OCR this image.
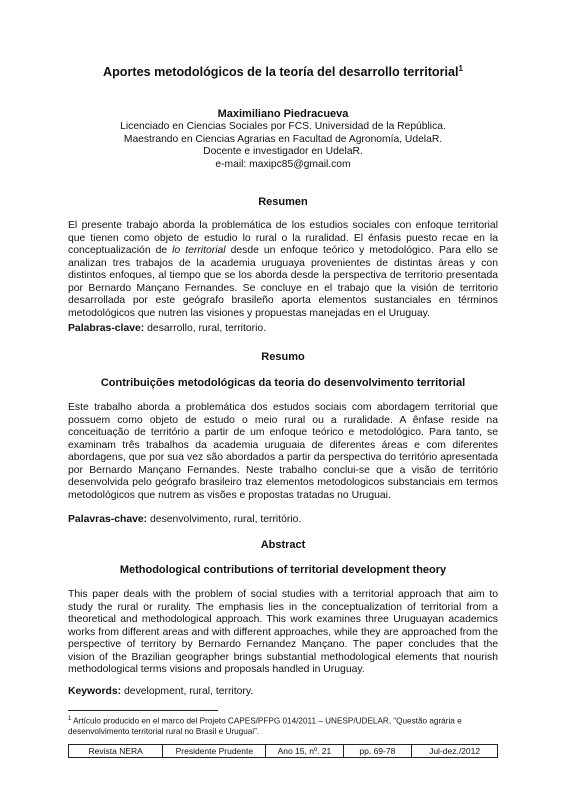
Aportes metodológicos de la teoría del desarrollo territorial$^1$
Maximiliano Piedracueva
Licenciado en Ciencias Sociales por FCS. Universidad de la República.
Maestrando en Ciencias Agrarias en Facultad de Agronomía, UdelaR.
Docente e investigador en UdelaR.
e-mail: maxipc85@gmail.com
Resumen

El presente trabajo aborda la problemática de los estudios sociales con enfoque territorial que tienen como objeto de estudio lo rural o la ruralidad. El énfasis puesto recae en la conceptualización de lo territorial desde un enfoque teórico y metodológico. Para ello se analizan tres trabajos de la academia uruguaya provenientes de distintas áreas y con distintos enfoques, al tiempo que se los aborda desde la perspectiva de territorio presentada por Bernardo Mançano Fernandes. Se concluye en el trabajo que la visión de territorio desarrollada por este geógrafo brasileño aporta elementos sustanciales en términos metodológicos que nutren las visiones y propuestas manejadas en el Uruguay.

Palabras-clave: desarrollo, rural, territorio.

Resumo
Contribuições metodológicas da teoria do desenvolvimento territorial

Este trabalho aborda a problemática dos estudos sociais com abordagem territorial que possuem como objeto de estudo o meio rural ou a ruralidade. A ênfase reside na conceituação de território a partir de um enfoque teórico e metodológico. Para tanto, se examinam três trabalhos da academia uruguaia de diferentes áreas e com diferentes abordagens, que por sua vez são abordados a partir da perspectiva do território apresentada por Bernardo Mançano Fernandes. Neste trabalho conclui-se que a visão de território desenvolvida pelo geógrafo brasileiro traz elementos metodologicos substanciais em termos metodológicos que nutrem as visões e propostas tratadas no Uruguai.

Palavras-chave: desenvolvimento, rural, território.

Abstract
Methodological contributions of territorial development theory

This paper deals with the problem of social studies with a territorial approach that aim to study the rural or rurality. The emphasis lies in the conceptualization of territorial from a theoretical and methodological approach. This work examines three Uruguayan academics works from different areas and with different approaches, while they are approached from the perspective of territory by Bernardo Fernandez Mançano. The paper concludes that the vision of the Brazilian geographer brings substantial methodological elements that nourish methodological terms visions and proposals handled in Uruguay.

Keywords: development, rural, territory.

$^1$ Artículo producido en el marco del Projeto CAPES/PFPG 014/2011 – UNESP/UDELAR, “Questão agrária e desenvolvimento territorial rural no Brasil e Uruguai”.

Revista NERA	Presidente Prudente	Ano 15, nº. 21	pp. 69-78	Jul-dez./2012
